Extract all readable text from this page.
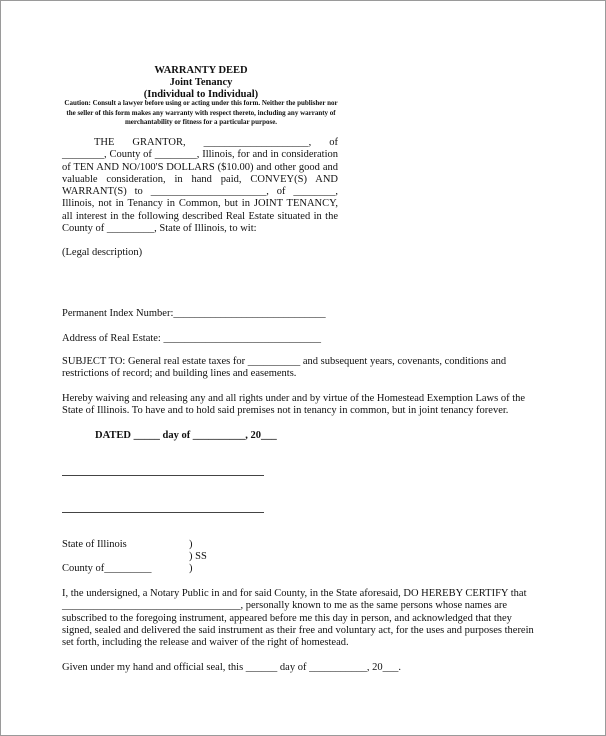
WARRANTY DEED
Joint Tenancy
(Individual to Individual)

Caution: Consult a lawyer before using or acting under this form. Neither the publisher nor the seller of this form makes any warranty with respect thereto, including any warranty of merchantability or fitness for a particular purpose.

THE GRANTOR, ____________________, of ________, County of ________, Illinois, for and in consideration of TEN AND NO/100'S DOLLARS ($10.00) and other good and valuable consideration, in hand paid, CONVEY(S) AND WARRANT(S) to ______________________, of ________, Illinois, not in Tenancy in Common, but in JOINT TENANCY, all interest in the following described Real Estate situated in the County of _________, State of Illinois, to wit:

(Legal description)

Permanent Index Number:_____________________________

Address of Real Estate: ______________________________

SUBJECT TO: General real estate taxes for __________ and subsequent years, covenants, conditions and restrictions of record; and building lines and easements.

Hereby waiving and releasing any and all rights under and by virtue of the Homestead Exemption Laws of the State of Illinois. To have and to hold said premises not in tenancy in common, but in joint tenancy forever.

DATED _____ day of __________, 20___

State of Illinois	)
) SS
County of_________	)

I, the undersigned, a Notary Public in and for said County, in the State aforesaid, DO HEREBY CERTIFY that __________________________________, personally known to me as the same persons whose names are subscribed to the foregoing instrument, appeared before me this day in person, and acknowledged that they signed, sealed and delivered the said instrument as their free and voluntary act, for the uses and purposes therein set forth, including the release and waiver of the right of homestead.

Given under my hand and official seal, this ______ day of ___________, 20___.
